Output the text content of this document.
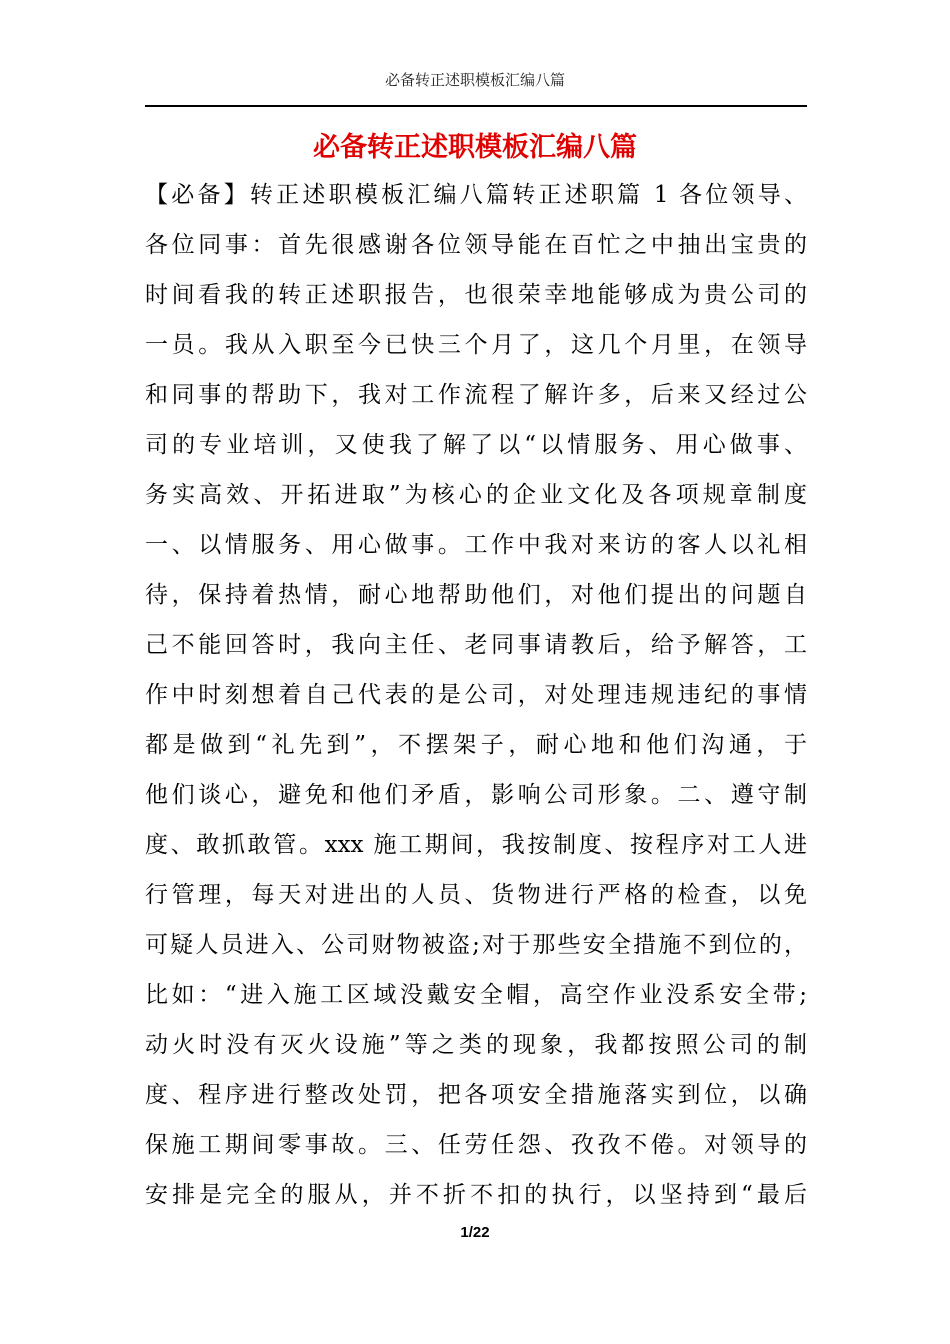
必备转正述职模板汇编八篇
必备转正述职模板汇编八篇
【必备】转正述职模板汇编八篇转正述职篇 1 各位领导、
各位同事：首先很感谢各位领导能在百忙之中抽出宝贵的
时间看我的转正述职报告，也很荣幸地能够成为贵公司的
一员。我从入职至今已快三个月了，这几个月里，在领导
和同事的帮助下，我对工作流程了解许多，后来又经过公
司的专业培训，又使我了解了以“以情服务、用心做事、
务实高效、开拓进取”为核心的企业文化及各项规章制度
一、以情服务、用心做事。工作中我对来访的客人以礼相
待，保持着热情，耐心地帮助他们，对他们提出的问题自
己不能回答时，我向主任、老同事请教后，给予解答，工
作中时刻想着自己代表的是公司，对处理违规违纪的事情
都是做到“礼先到”，不摆架子，耐心地和他们沟通，于
他们谈心，避免和他们矛盾，影响公司形象。二、遵守制
度、敢抓敢管。xxx 施工期间，我按制度、按程序对工人进
行管理，每天对进出的人员、货物进行严格的检查，以免
可疑人员进入、公司财物被盗;对于那些安全措施不到位的，
比如：“进入施工区域没戴安全帽，高空作业没系安全带;
动火时没有灭火设施”等之类的现象，我都按照公司的制
度、程序进行整改处罚，把各项安全措施落实到位，以确
保施工期间零事故。三、任劳任怨、孜孜不倦。对领导的
安排是完全的服从，并不折不扣的执行，以坚持到“最后
1/22
